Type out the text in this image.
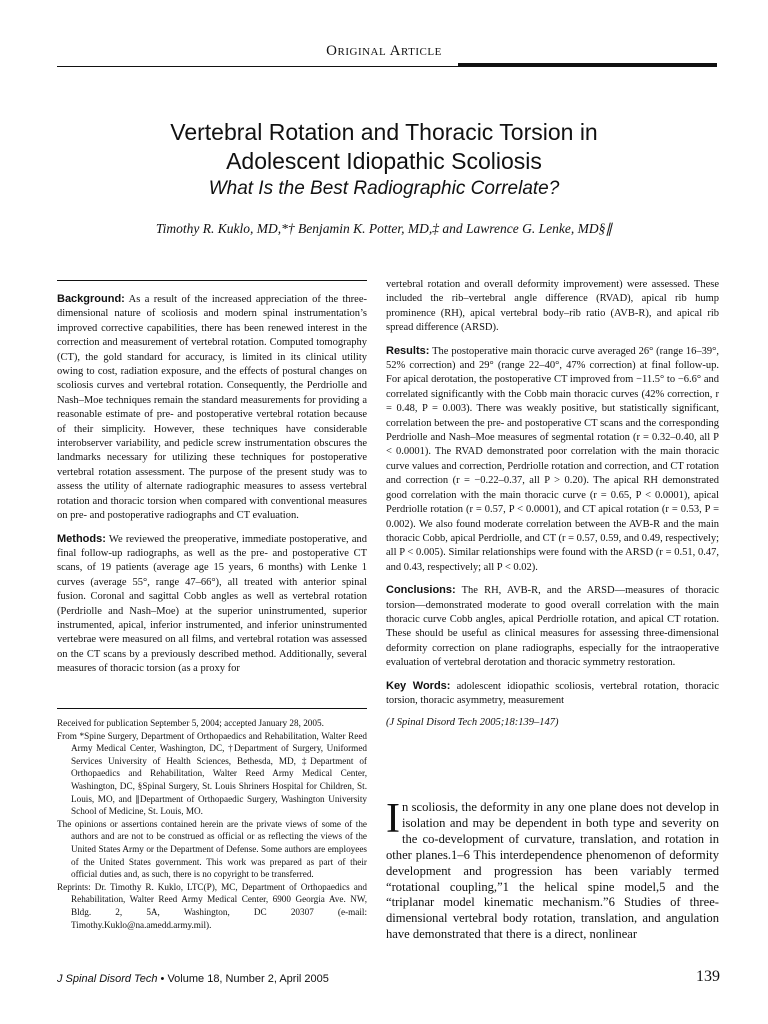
Original Article
Vertebral Rotation and Thoracic Torsion in
Adolescent Idiopathic Scoliosis
What Is the Best Radiographic Correlate?
Timothy R. Kuklo, MD,*† Benjamin K. Potter, MD,‡ and Lawrence G. Lenke, MD§∥

Background: As a result of the increased appreciation of the three-dimensional nature of scoliosis and modern spinal instrumentation’s improved corrective capabilities, there has been renewed interest in the correction and measurement of vertebral rotation. Computed tomography (CT), the gold standard for accuracy, is limited in its clinical utility owing to cost, radiation exposure, and the effects of postural changes on scoliosis curves and vertebral rotation. Consequently, the Perdriolle and Nash–Moe techniques remain the standard measurements for providing a reasonable estimate of pre- and postoperative vertebral rotation because of their simplicity. However, these techniques have considerable interobserver variability, and pedicle screw instrumentation obscures the landmarks necessary for utilizing these techniques for postoperative vertebral rotation assessment. The purpose of the present study was to assess the utility of alternate radiographic measures to assess vertebral rotation and thoracic torsion when compared with conventional measures on pre- and postoperative radiographs and CT evaluation.

Methods: We reviewed the preoperative, immediate postoperative, and final follow-up radiographs, as well as the pre- and postoperative CT scans, of 19 patients (average age 15 years, 6 months) with Lenke 1 curves (average 55°, range 47–66°), all treated with anterior spinal fusion. Coronal and sagittal Cobb angles as well as vertebral rotation (Perdriolle and Nash–Moe) at the superior uninstrumented, superior instrumented, apical, inferior instrumented, and inferior uninstrumented vertebrae were measured on all films, and vertebral rotation was assessed on the CT scans by a previously described method. Additionally, several measures of thoracic torsion (as a proxy for

vertebral rotation and overall deformity improvement) were assessed. These included the rib–vertebral angle difference (RVAD), apical rib hump prominence (RH), apical vertebral body–rib ratio (AVB-R), and apical rib spread difference (ARSD).

Results: The postoperative main thoracic curve averaged 26° (range 16–39°, 52% correction) and 29° (range 22–40°, 47% correction) at final follow-up. For apical derotation, the postoperative CT improved from −11.5° to −6.6° and correlated significantly with the Cobb main thoracic curves (42% correction, r = 0.48, P = 0.003). There was weakly positive, but statistically significant, correlation between the pre- and postoperative CT scans and the corresponding Perdriolle and Nash–Moe measures of segmental rotation (r = 0.32–0.40, all P < 0.0001). The RVAD demonstrated poor correlation with the main thoracic curve values and correction, Perdriolle rotation and correction, and CT rotation and correction (r = −0.22–0.37, all P > 0.20). The apical RH demonstrated good correlation with the main thoracic curve (r = 0.65, P < 0.0001), apical Perdriolle rotation (r = 0.57, P < 0.0001), and CT apical rotation (r = 0.53, P = 0.002). We also found moderate correlation between the AVB-R and the main thoracic Cobb, apical Perdriolle, and CT (r = 0.57, 0.59, and 0.49, respectively; all P < 0.005). Similar relationships were found with the ARSD (r = 0.51, 0.47, and 0.43, respectively; all P < 0.02).

Conclusions: The RH, AVB-R, and the ARSD—measures of thoracic torsion—demonstrated moderate to good overall correlation with the main thoracic curve Cobb angles, apical Perdriolle rotation, and apical CT rotation. These should be useful as clinical measures for assessing three-dimensional deformity correction on plane radiographs, especially for the intraoperative evaluation of vertebral derotation and thoracic symmetry restoration.

Key Words: adolescent idiopathic scoliosis, vertebral rotation, thoracic torsion, thoracic asymmetry, measurement

(J Spinal Disord Tech 2005;18:139–147)

Received for publication September 5, 2004; accepted January 28, 2005.
From *Spine Surgery, Department of Orthopaedics and Rehabilitation, Walter Reed Army Medical Center, Washington, DC, †Department of Surgery, Uniformed Services University of Health Sciences, Bethesda, MD, ‡Department of Orthopaedics and Rehabilitation, Walter Reed Army Medical Center, Washington, DC, §Spinal Surgery, St. Louis Shriners Hospital for Children, St. Louis, MO, and ∥Department of Orthopaedic Surgery, Washington University School of Medicine, St. Louis, MO.
The opinions or assertions contained herein are the private views of some of the authors and are not to be construed as official or as reflecting the views of the United States Army or the Department of Defense. Some authors are employees of the United States government. This work was prepared as part of their official duties and, as such, there is no copyright to be transferred.
Reprints: Dr. Timothy R. Kuklo, LTC(P), MC, Department of Orthopaedics and Rehabilitation, Walter Reed Army Medical Center, 6900 Georgia Ave. NW, Bldg. 2, 5A, Washington, DC 20307 (e-mail: Timothy.Kuklo@na.amedd.army.mil).
I n scoliosis, the deformity in any one plane does not develop in isolation and may be dependent in both type and severity on the co-development of curvature, translation, and rotation in other planes.1–6 This interdependence phenomenon of deformity development and progression has been variably termed “rotational coupling,”1 the helical spine model,5 and the “triplanar model kinematic mechanism.”6 Studies of three-dimensional vertebral body rotation, translation, and angulation have demonstrated that there is a direct, nonlinear
J Spinal Disord Tech • Volume 18, Number 2, April 2005	139
